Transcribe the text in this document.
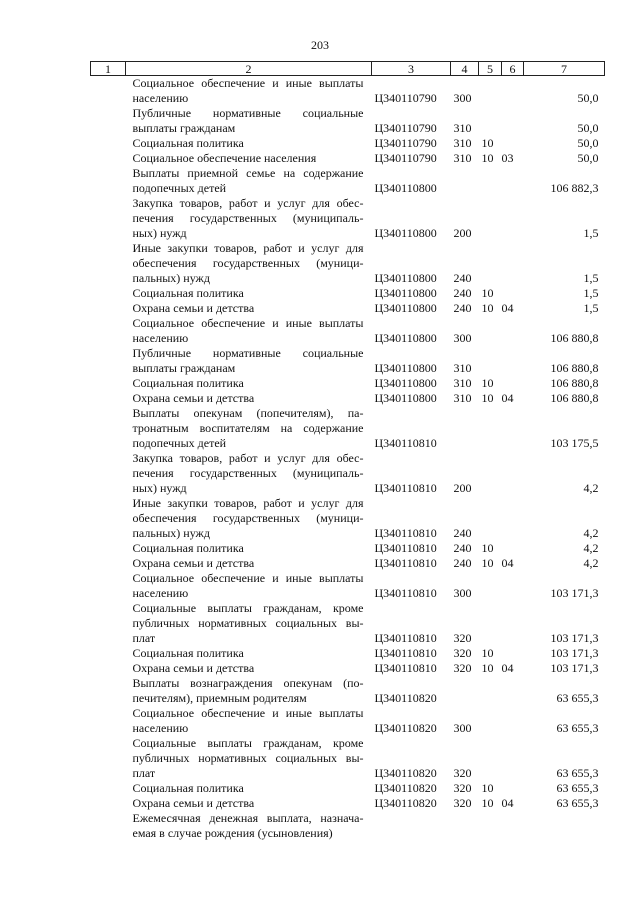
203
1	2	3	4	5	6	7

	Социальное обеспечение и иные выплаты
населению	Ц340110790	300			50,0

	Публичные нормативные социальные
выплаты гражданам	Ц340110790	310			50,0

	Социальная политика	Ц340110790	310	10		50,0

	Социальное обеспечение населения	Ц340110790	310	10	03	50,0

	Выплаты приемной семье на содержание
подопечных детей	Ц340110800				106 882,3

	Закупка товаров, работ и услуг для обес-
печения государственных (муниципаль-
ных) нужд	Ц340110800	200			1,5

	Иные закупки товаров, работ и услуг для
обеспечения государственных (муници-
пальных) нужд	Ц340110800	240			1,5

	Социальная политика	Ц340110800	240	10		1,5

	Охрана семьи и детства	Ц340110800	240	10	04	1,5

	Социальное обеспечение и иные выплаты
населению	Ц340110800	300			106 880,8

	Публичные нормативные социальные
выплаты гражданам	Ц340110800	310			106 880,8

	Социальная политика	Ц340110800	310	10		106 880,8

	Охрана семьи и детства	Ц340110800	310	10	04	106 880,8

	Выплаты опекунам (попечителям), па-
тронатным воспитателям на содержание
подопечных детей	Ц340110810				103 175,5

	Закупка товаров, работ и услуг для обес-
печения государственных (муниципаль-
ных) нужд	Ц340110810	200			4,2

	Иные закупки товаров, работ и услуг для
обеспечения государственных (муници-
пальных) нужд	Ц340110810	240			4,2

	Социальная политика	Ц340110810	240	10		4,2

	Охрана семьи и детства	Ц340110810	240	10	04	4,2

	Социальное обеспечение и иные выплаты
населению	Ц340110810	300			103 171,3

	Социальные выплаты гражданам, кроме
публичных нормативных социальных вы-
плат	Ц340110810	320			103 171,3

	Социальная политика	Ц340110810	320	10		103 171,3

	Охрана семьи и детства	Ц340110810	320	10	04	103 171,3

	Выплаты вознаграждения опекунам (по-
печителям), приемным родителям	Ц340110820				63 655,3

	Социальное обеспечение и иные выплаты
населению	Ц340110820	300			63 655,3

	Социальные выплаты гражданам, кроме
публичных нормативных социальных вы-
плат	Ц340110820	320			63 655,3

	Социальная политика	Ц340110820	320	10		63 655,3

	Охрана семьи и детства	Ц340110820	320	10	04	63 655,3

	Ежемесячная денежная выплата, назнача-
емая в случае рождения (усыновления)					
